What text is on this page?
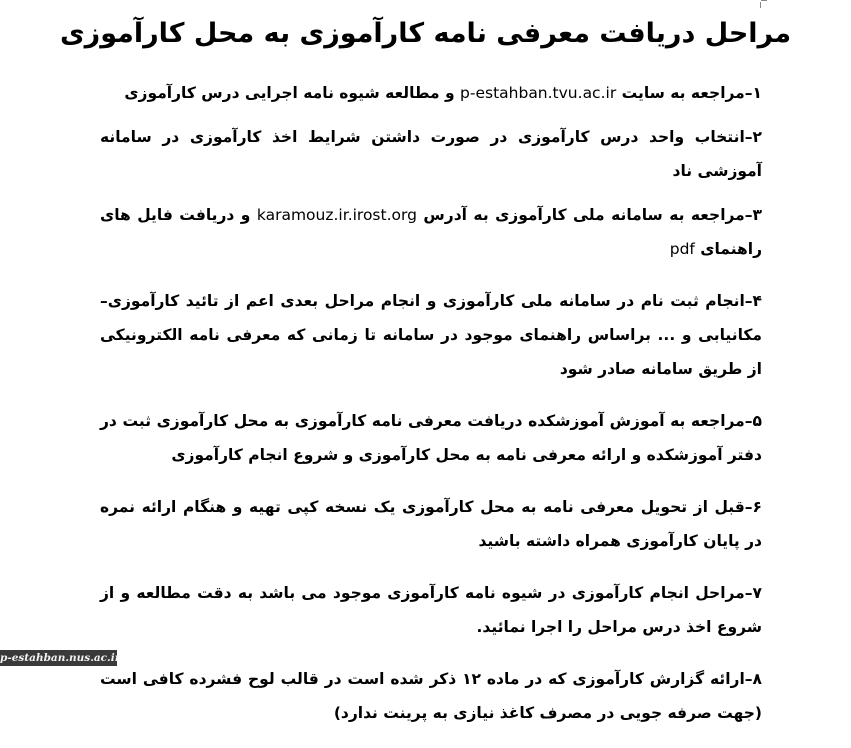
مراحل دریافت معرفی نامه کارآموزی به محل کارآموزی

۱–مراجعه به سایت p-estahban.tvu.ac.ir و مطالعه شیوه نامه اجرایی درس کارآموزی

۲–انتخاب واحد درس کارآموزی در صورت داشتن شرایط اخذ کارآموزی در سامانه آموزشی ناد

۳–مراجعه به سامانه ملی کارآموزی به آدرس karamouz.ir.irost.org و دریافت فایل های راهنمای pdf

۴–انجام ثبت نام در سامانه ملی کارآموزی و انجام مراحل بعدی اعم از تائید کارآموزی–مکانیابی و ... براساس راهنمای موجود در سامانه تا زمانی که معرفی نامه الکترونیکی از طریق سامانه صادر شود

۵–مراجعه به آموزش آموزشکده دریافت معرفی نامه کارآموزی به محل کارآموزی ثبت در دفتر آموزشکده و ارائه معرفی نامه به محل کارآموزی و شروع انجام کارآموزی

۶–قبل از تحویل معرفی نامه به محل کارآموزی یک نسخه کپی تهیه و هنگام ارائه نمره در پایان کارآموزی همراه داشته باشید

۷–مراحل انجام کارآموزی در شیوه نامه کارآموزی موجود می باشد به دقت مطالعه و از شروع اخذ درس مراحل را اجرا نمائید.

۸–ارائه گزارش کارآموزی که در ماده ۱۲ ذکر شده است در قالب لوح فشرده کافی است (جهت صرفه جویی در مصرف کاغذ نیازی به پرینت ندارد)

p-estahban.nus.ac.ir
